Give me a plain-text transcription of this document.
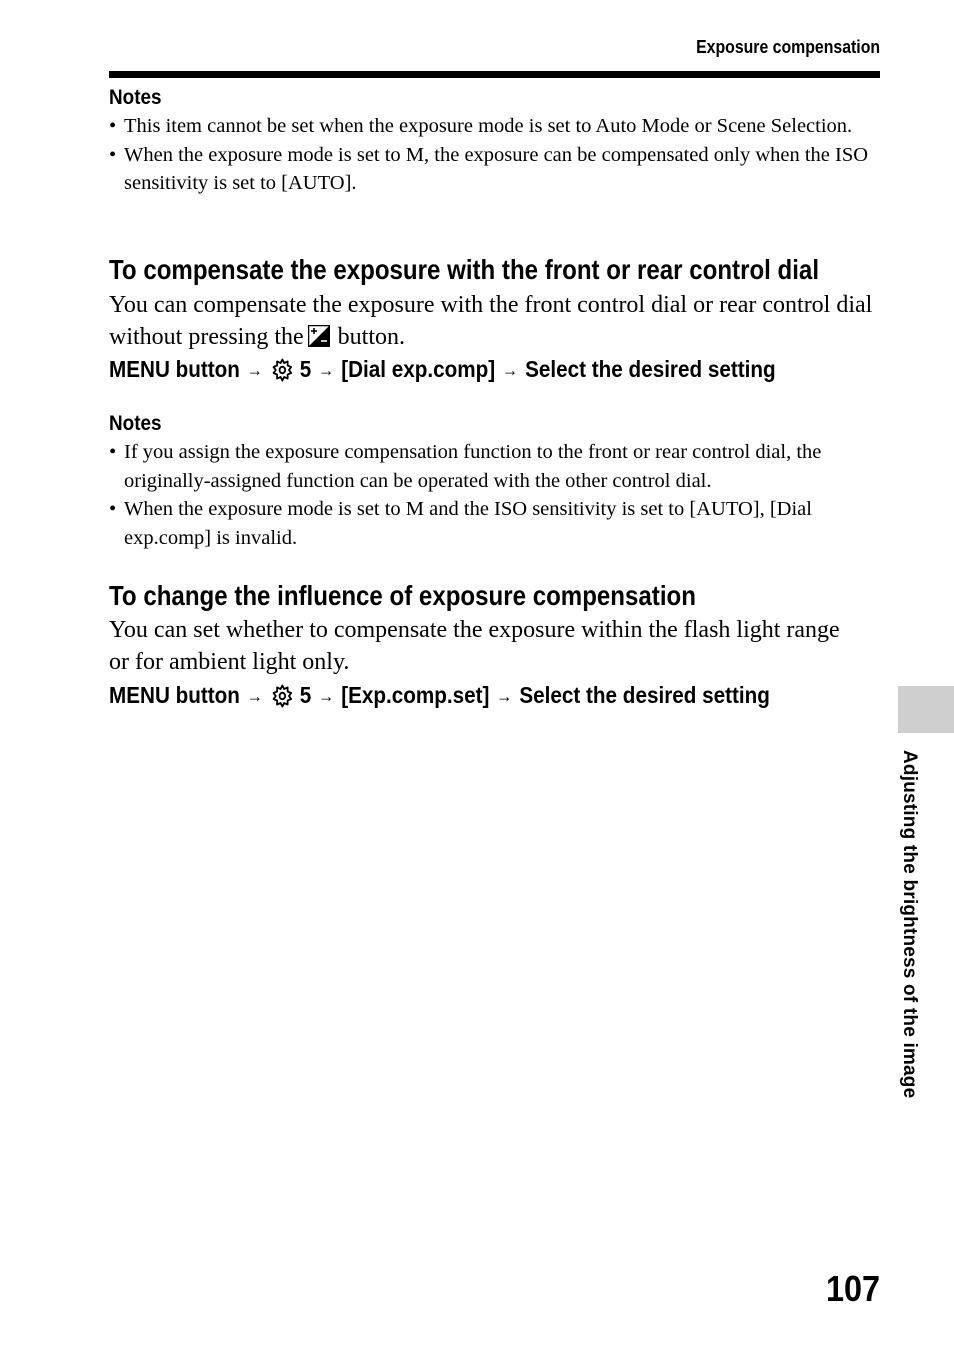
Exposure compensation
Notes
• This item cannot be set when the exposure mode is set to Auto Mode or Scene Selection.
• When the exposure mode is set to M, the exposure can be compensated only when the ISO sensitivity is set to [AUTO].
To compensate the exposure with the front or rear control dial

You can compensate the exposure with the front control dial or rear control dial without pressing the button.

MENU button → 5 → [Dial exp.comp] → Select the desired setting
Notes
• If you assign the exposure compensation function to the front or rear control dial, the originally-assigned function can be operated with the other control dial.
• When the exposure mode is set to M and the ISO sensitivity is set to [AUTO], [Dial exp.comp] is invalid.
To change the influence of exposure compensation

You can set whether to compensate the exposure within the flash light range or for ambient light only.

MENU button → 5 → [Exp.comp.set] → Select the desired setting
Adjusting the brightness of the image
107
